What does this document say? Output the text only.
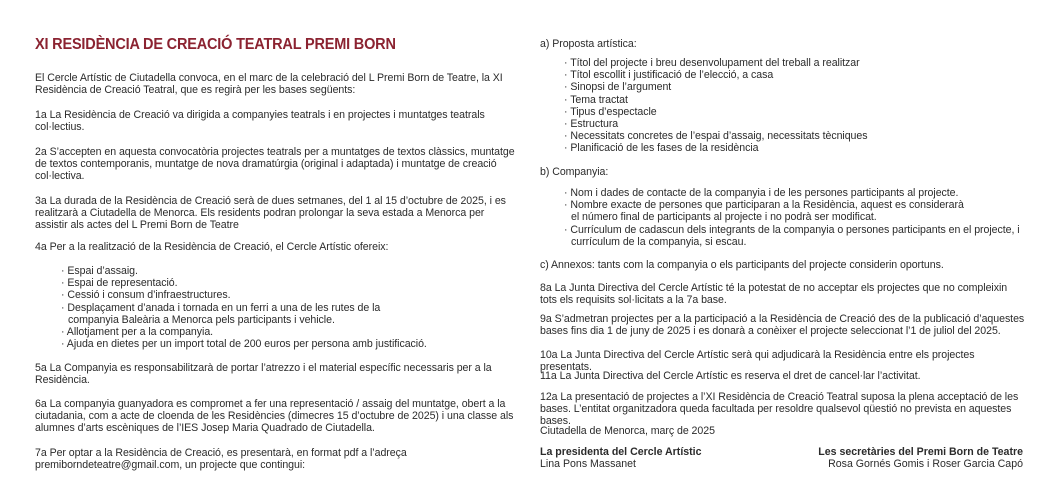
XI RESIDÈNCIA DE CREACIÓ TEATRAL PREMI BORN

El Cercle Artístic de Ciutadella convoca, en el marc de la celebració del L Premi Born de Teatre, la XI Residència de Creació Teatral, que es regirà per les bases següents:

1a La Residència de Creació va dirigida a companyies teatrals i en projectes i muntatges teatrals col·lectius.

2a S’accepten en aquesta convocatòria projectes teatrals per a muntatges de textos clàssics, muntatge de textos contemporanis, muntatge de nova dramatúrgia (original i adaptada) i muntatge de creació col·lectiva.

3a La durada de la Residència de Creació serà de dues setmanes, del 1 al 15 d’octubre de 2025, i es realitzarà a Ciutadella de Menorca. Els residents podran prolongar la seva estada a Menorca per assistir als actes del L Premi Born de Teatre

4a Per a la realització de la Residència de Creació, el Cercle Artístic ofereix:

· Espai d’assaig.
· Espai de representació.
· Cessió i consum d’infraestructures.
· Desplaçament d’anada i tornada en un ferri a una de les rutes de la companyia Baleària a Menorca pels participants i vehicle.
· Allotjament per a la companyia.
· Ajuda en dietes per un import total de 200 euros per persona amb justificació.

5a La Companyia es responsabilitzarà de portar l’atrezzo i el material específic necessaris per a la Residència.

6a La companyia guanyadora es compromet a fer una representació / assaig del muntatge, obert a la ciutadania, com a acte de cloenda de les Residències (dimecres 15 d’octubre de 2025) i una classe als alumnes d’arts escèniques de l’IES Josep Maria Quadrado de Ciutadella.

7a Per optar a la Residència de Creació, es presentarà, en format pdf a l’adreça premiborndeteatre@gmail.com, un projecte que contingui:

a) Proposta artística:

· Títol del projecte i breu desenvolupament del treball a realitzar
· Títol escollit i justificació de l’elecció, a casa
· Sinopsi de l’argument
· Tema tractat
· Tipus d’espectacle
· Estructura
· Necessitats concretes de l’espai d’assaig, necessitats tècniques
· Planificació de les fases de la residència

b) Companyia:

· Nom i dades de contacte de la companyia i de les persones participants al projecte.
· Nombre exacte de persones que participaran a la Residència, aquest es considerarà el número final de participants al projecte i no podrà ser modificat.
· Currículum de cadascun dels integrants de la companyia o persones participants en el projecte, i currículum de la companyia, si escau.

c) Annexos: tants com la companyia o els participants del projecte considerin oportuns.

8a La Junta Directiva del Cercle Artístic té la potestat de no acceptar els projectes que no compleixin tots els requisits sol·licitats a la 7a base.

9a S’admetran projectes per a la participació a la Residència de Creació des de la publicació d’aquestes bases fins dia 1 de juny de 2025 i es donarà a conèixer el projecte seleccionat l’1 de juliol del 2025.

10a La Junta Directiva del Cercle Artístic serà qui adjudicarà la Residència entre els projectes presentats.

11a La Junta Directiva del Cercle Artístic es reserva el dret de cancel·lar l’activitat.

12a La presentació de projectes a l’XI Residència de Creació Teatral suposa la plena acceptació de les bases. L’entitat organitzadora queda facultada per resoldre qualsevol qüestió no prevista en aquestes bases.

Ciutadella de Menorca, març de 2025

La presidenta del Cercle Artístic
Lina Pons Massanet
Les secretàries del Premi Born de Teatre
Rosa Gornés Gomis i Roser Garcia Capó
